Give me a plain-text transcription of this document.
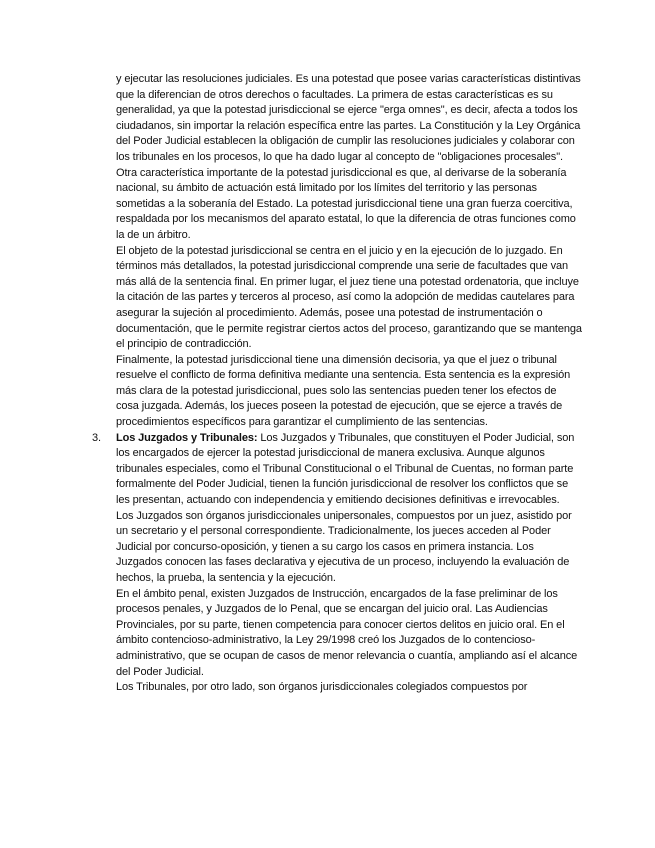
y ejecutar las resoluciones judiciales. Es una potestad que posee varias características distintivas que la diferencian de otros derechos o facultades. La primera de estas características es su generalidad, ya que la potestad jurisdiccional se ejerce "erga omnes", es decir, afecta a todos los ciudadanos, sin importar la relación específica entre las partes. La Constitución y la Ley Orgánica del Poder Judicial establecen la obligación de cumplir las resoluciones judiciales y colaborar con los tribunales en los procesos, lo que ha dado lugar al concepto de "obligaciones procesales".

Otra característica importante de la potestad jurisdiccional es que, al derivarse de la soberanía nacional, su ámbito de actuación está limitado por los límites del territorio y las personas sometidas a la soberanía del Estado. La potestad jurisdiccional tiene una gran fuerza coercitiva, respaldada por los mecanismos del aparato estatal, lo que la diferencia de otras funciones como la de un árbitro.

El objeto de la potestad jurisdiccional se centra en el juicio y en la ejecución de lo juzgado. En términos más detallados, la potestad jurisdiccional comprende una serie de facultades que van más allá de la sentencia final. En primer lugar, el juez tiene una potestad ordenatoria, que incluye la citación de las partes y terceros al proceso, así como la adopción de medidas cautelares para asegurar la sujeción al procedimiento. Además, posee una potestad de instrumentación o documentación, que le permite registrar ciertos actos del proceso, garantizando que se mantenga el principio de contradicción.

Finalmente, la potestad jurisdiccional tiene una dimensión decisoria, ya que el juez o tribunal resuelve el conflicto de forma definitiva mediante una sentencia. Esta sentencia es la expresión más clara de la potestad jurisdiccional, pues solo las sentencias pueden tener los efectos de cosa juzgada. Además, los jueces poseen la potestad de ejecución, que se ejerce a través de procedimientos específicos para garantizar el cumplimiento de las sentencias.

3. Los Juzgados y Tribunales: Los Juzgados y Tribunales, que constituyen el Poder Judicial, son los encargados de ejercer la potestad jurisdiccional de manera exclusiva. Aunque algunos tribunales especiales, como el Tribunal Constitucional o el Tribunal de Cuentas, no forman parte formalmente del Poder Judicial, tienen la función jurisdiccional de resolver los conflictos que se les presentan, actuando con independencia y emitiendo decisiones definitivas e irrevocables.

Los Juzgados son órganos jurisdiccionales unipersonales, compuestos por un juez, asistido por un secretario y el personal correspondiente. Tradicionalmente, los jueces acceden al Poder Judicial por concurso-oposición, y tienen a su cargo los casos en primera instancia. Los Juzgados conocen las fases declarativa y ejecutiva de un proceso, incluyendo la evaluación de hechos, la prueba, la sentencia y la ejecución.

En el ámbito penal, existen Juzgados de Instrucción, encargados de la fase preliminar de los procesos penales, y Juzgados de lo Penal, que se encargan del juicio oral. Las Audiencias Provinciales, por su parte, tienen competencia para conocer ciertos delitos en juicio oral. En el ámbito contencioso-administrativo, la Ley 29/1998 creó los Juzgados de lo contencioso-administrativo, que se ocupan de casos de menor relevancia o cuantía, ampliando así el alcance del Poder Judicial.

Los Tribunales, por otro lado, son órganos jurisdiccionales colegiados compuestos por
